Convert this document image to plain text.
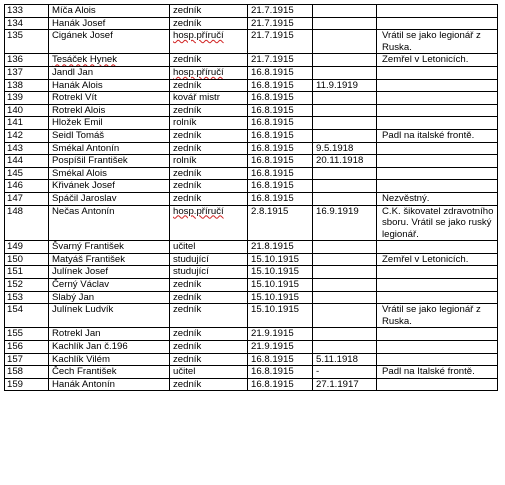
133	Míča Alois	zedník	21.7.1915		
134	Hanák Josef	zedník	21.7.1915		
135	Cigánek Josef	hosp.příručí	21.7.1915		Vrátil se jako legionář z Ruska.
136	Tesáček Hynek	zedník	21.7.1915		Zemřel v Letonicích.
137	Jandl Jan	hosp.příručí	16.8.1915		
138	Hanák Alois	zedník	16.8.1915	11.9.1919	
139	Rotrekl Vít	kovář mistr	16.8.1915		
140	Rotrekl Alois	zedník	16.8.1915		
141	Hložek Emil	rolník	16.8.1915		
142	Seidl Tomáš	zedník	16.8.1915		Padl na italské frontě.
143	Smékal Antonín	zedník	16.8.1915	9.5.1918	
144	Pospíšil František	rolník	16.8.1915	20.11.1918	
145	Smékal Alois	zedník	16.8.1915		
146	Křivánek Josef	zedník	16.8.1915		
147	Spáčil Jaroslav	zedník	16.8.1915		Nezvěstný.
148	Nečas Antonín	hosp.příručí	2.8.1915	16.9.1919	C.K. šikovatel zdravotního sboru. Vrátil se jako ruský legionář.
149	Švarný František	učitel	21.8.1915		
150	Matyáš František	studující	15.10.1915		Zemřel v Letonicích.
151	Julínek Josef	studující	15.10.1915		
152	Černý Václav	zedník	15.10.1915		
153	Slabý Jan	zedník	15.10.1915		
154	Julínek Ludvík	zedník	15.10.1915		Vrátil se jako legionář z Ruska.
155	Rotrekl Jan	zedník	21.9.1915		
156	Kachlík Jan č.196	zedník	21.9.1915		
157	Kachlík Vilém	zedník	16.8.1915	5.11.1918	
158	Čech František	učitel	16.8.1915	-	Padl na Italské frontě.
159	Hanák Antonín	zedník	16.8.1915	27.1.1917	
